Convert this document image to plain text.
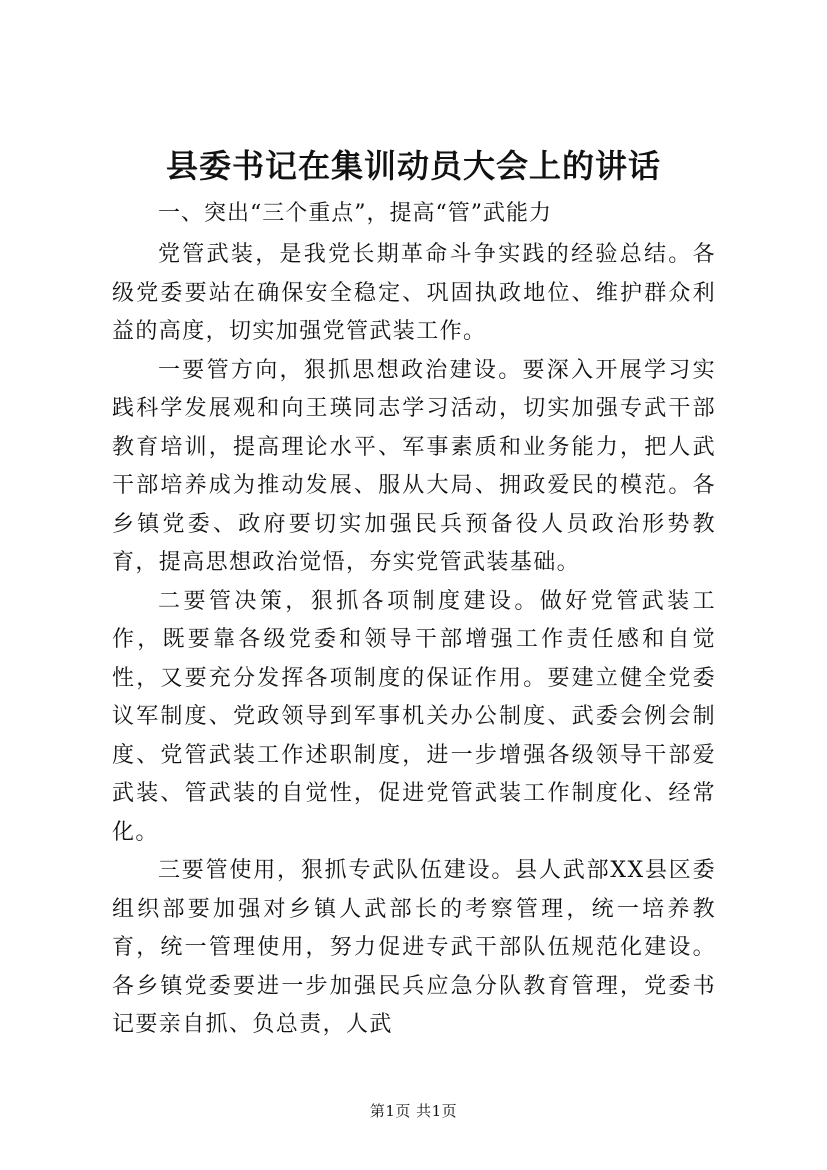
县委书记在集训动员大会上的讲话

一、突出“三个重点”，提高“管”武能力

党管武装，是我党长期革命斗争实践的经验总结。各级党委要站在确保安全稳定、巩固执政地位、维护群众利益的高度，切实加强党管武装工作。

一要管方向，狠抓思想政治建设。要深入开展学习实践科学发展观和向王瑛同志学习活动，切实加强专武干部教育培训，提高理论水平、军事素质和业务能力，把人武干部培养成为推动发展、服从大局、拥政爱民的模范。各乡镇党委、政府要切实加强民兵预备役人员政治形势教育，提高思想政治觉悟，夯实党管武装基础。

二要管决策，狠抓各项制度建设。做好党管武装工作，既要靠各级党委和领导干部增强工作责任感和自觉性，又要充分发挥各项制度的保证作用。要建立健全党委议军制度、党政领导到军事机关办公制度、武委会例会制度、党管武装工作述职制度，进一步增强各级领导干部爱武装、管武装的自觉性，促进党管武装工作制度化、经常化。

三要管使用，狠抓专武队伍建设。县人武部XX县区委组织部要加强对乡镇人武部长的考察管理，统一培养教育，统一管理使用，努力促进专武干部队伍规范化建设。各乡镇党委要进一步加强民兵应急分队教育管理，党委书记要亲自抓、负总责，人武

第1页 共1页
